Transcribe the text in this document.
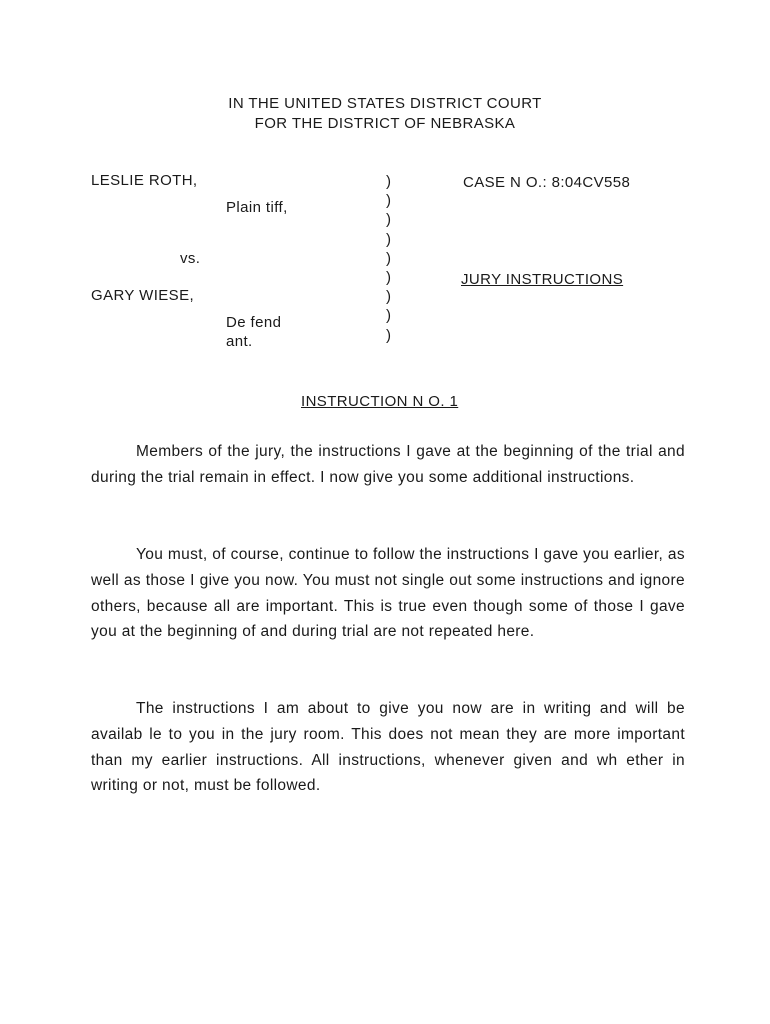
IN THE UNITED STATES DISTRICT COURT
FOR THE DISTRICT OF NEBRASKA
LESLIE ROTH,
Plain tiff,
vs.
GARY WIESE,
De fend
ant.
)
)
)
)
)
)
)
)
)
CASE N O.: 8:04CV558
JURY INSTRUCTIONS
INSTRUCTION N O. 1
Members of the jury, the instructions I gave at the beginning of the trial and during the trial remain in effect. I now give you some additional instructions.
You must, of course, continue to follow the instructions I gave you earlier, as well as those I give you now. You must not single out some instructions and ignore others, because all are important. This is true even though some of those I gave you at the beginning of and during trial are not repeated here.
The instructions I am about to give you now are in writing and will be availab le to you in the jury room. This does not mean they are more important than my earlier instructions. All instructions, whenever given and wh ether in writing or not, must be followed.
